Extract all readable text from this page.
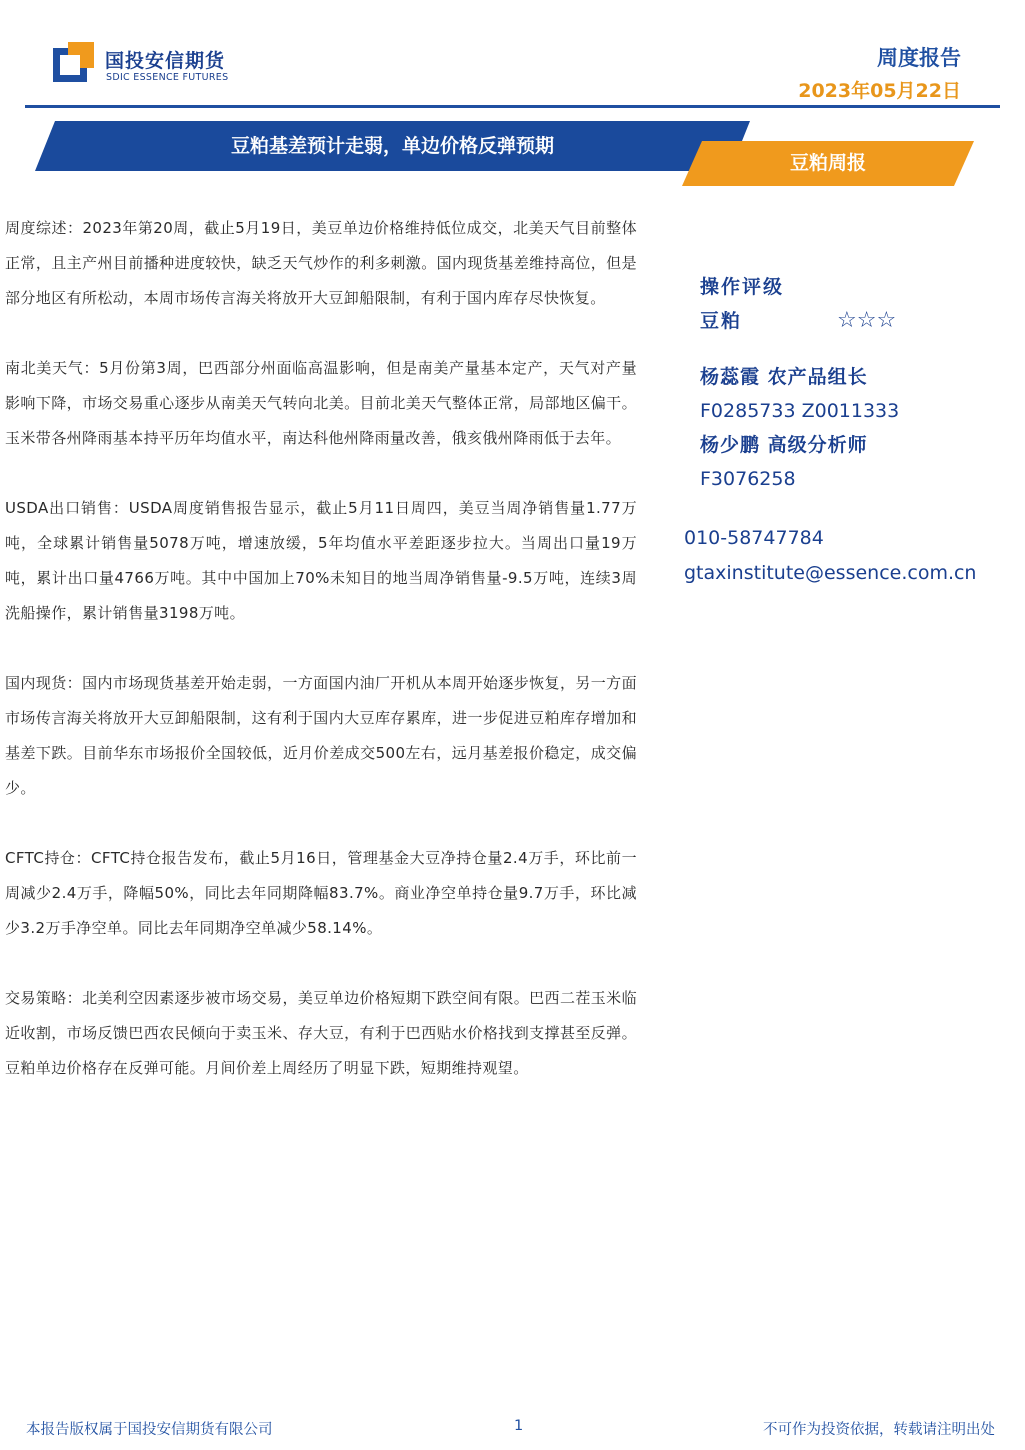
国投安信期货
SDIC ESSENCE FUTURES
周度报告
2023年05月22日
豆粕基差预计走弱，单边价格反弹预期
豆粕周报

周度综述：2023年第20周，截止5月19日，美豆单边价格维持低位成交，北美天气目前整体正常，且主产州目前播种进度较快，缺乏天气炒作的利多刺激。国内现货基差维持高位，但是部分地区有所松动，本周市场传言海关将放开大豆卸船限制，有利于国内库存尽快恢复。

南北美天气：5月份第3周，巴西部分州面临高温影响，但是南美产量基本定产，天气对产量影响下降，市场交易重心逐步从南美天气转向北美。目前北美天气整体正常，局部地区偏干。玉米带各州降雨基本持平历年均值水平，南达科他州降雨量改善，俄亥俄州降雨低于去年。

USDA出口销售：USDA周度销售报告显示，截止5月11日周四，美豆当周净销售量1.77万吨，全球累计销售量5078万吨，增速放缓，5年均值水平差距逐步拉大。当周出口量19万吨，累计出口量4766万吨。其中中国加上70%未知目的地当周净销售量-9.5万吨，连续3周洗船操作，累计销售量3198万吨。

国内现货：国内市场现货基差开始走弱，一方面国内油厂开机从本周开始逐步恢复，另一方面市场传言海关将放开大豆卸船限制，这有利于国内大豆库存累库，进一步促进豆粕库存增加和基差下跌。目前华东市场报价全国较低，近月价差成交500左右，远月基差报价稳定，成交偏少。

CFTC持仓：CFTC持仓报告发布，截止5月16日，管理基金大豆净持仓量2.4万手，环比前一周减少2.4万手，降幅50%，同比去年同期降幅83.7%。商业净空单持仓量9.7万手，环比减少3.2万手净空单。同比去年同期净空单减少58.14%。

交易策略：北美利空因素逐步被市场交易，美豆单边价格短期下跌空间有限。巴西二茬玉米临近收割，市场反馈巴西农民倾向于卖玉米、存大豆，有利于巴西贴水价格找到支撑甚至反弹。豆粕单边价格存在反弹可能。月间价差上周经历了明显下跌，短期维持观望。

操作评级
豆粕	☆☆☆
杨蕊霞 农产品组长
F0285733 Z0011333
杨少鹏 高级分析师
F3076258
010-58747784
gtaxinstitute@essence.com.cn
本报告版权属于国投安信期货有限公司	1	不可作为投资依据，转载请注明出处
